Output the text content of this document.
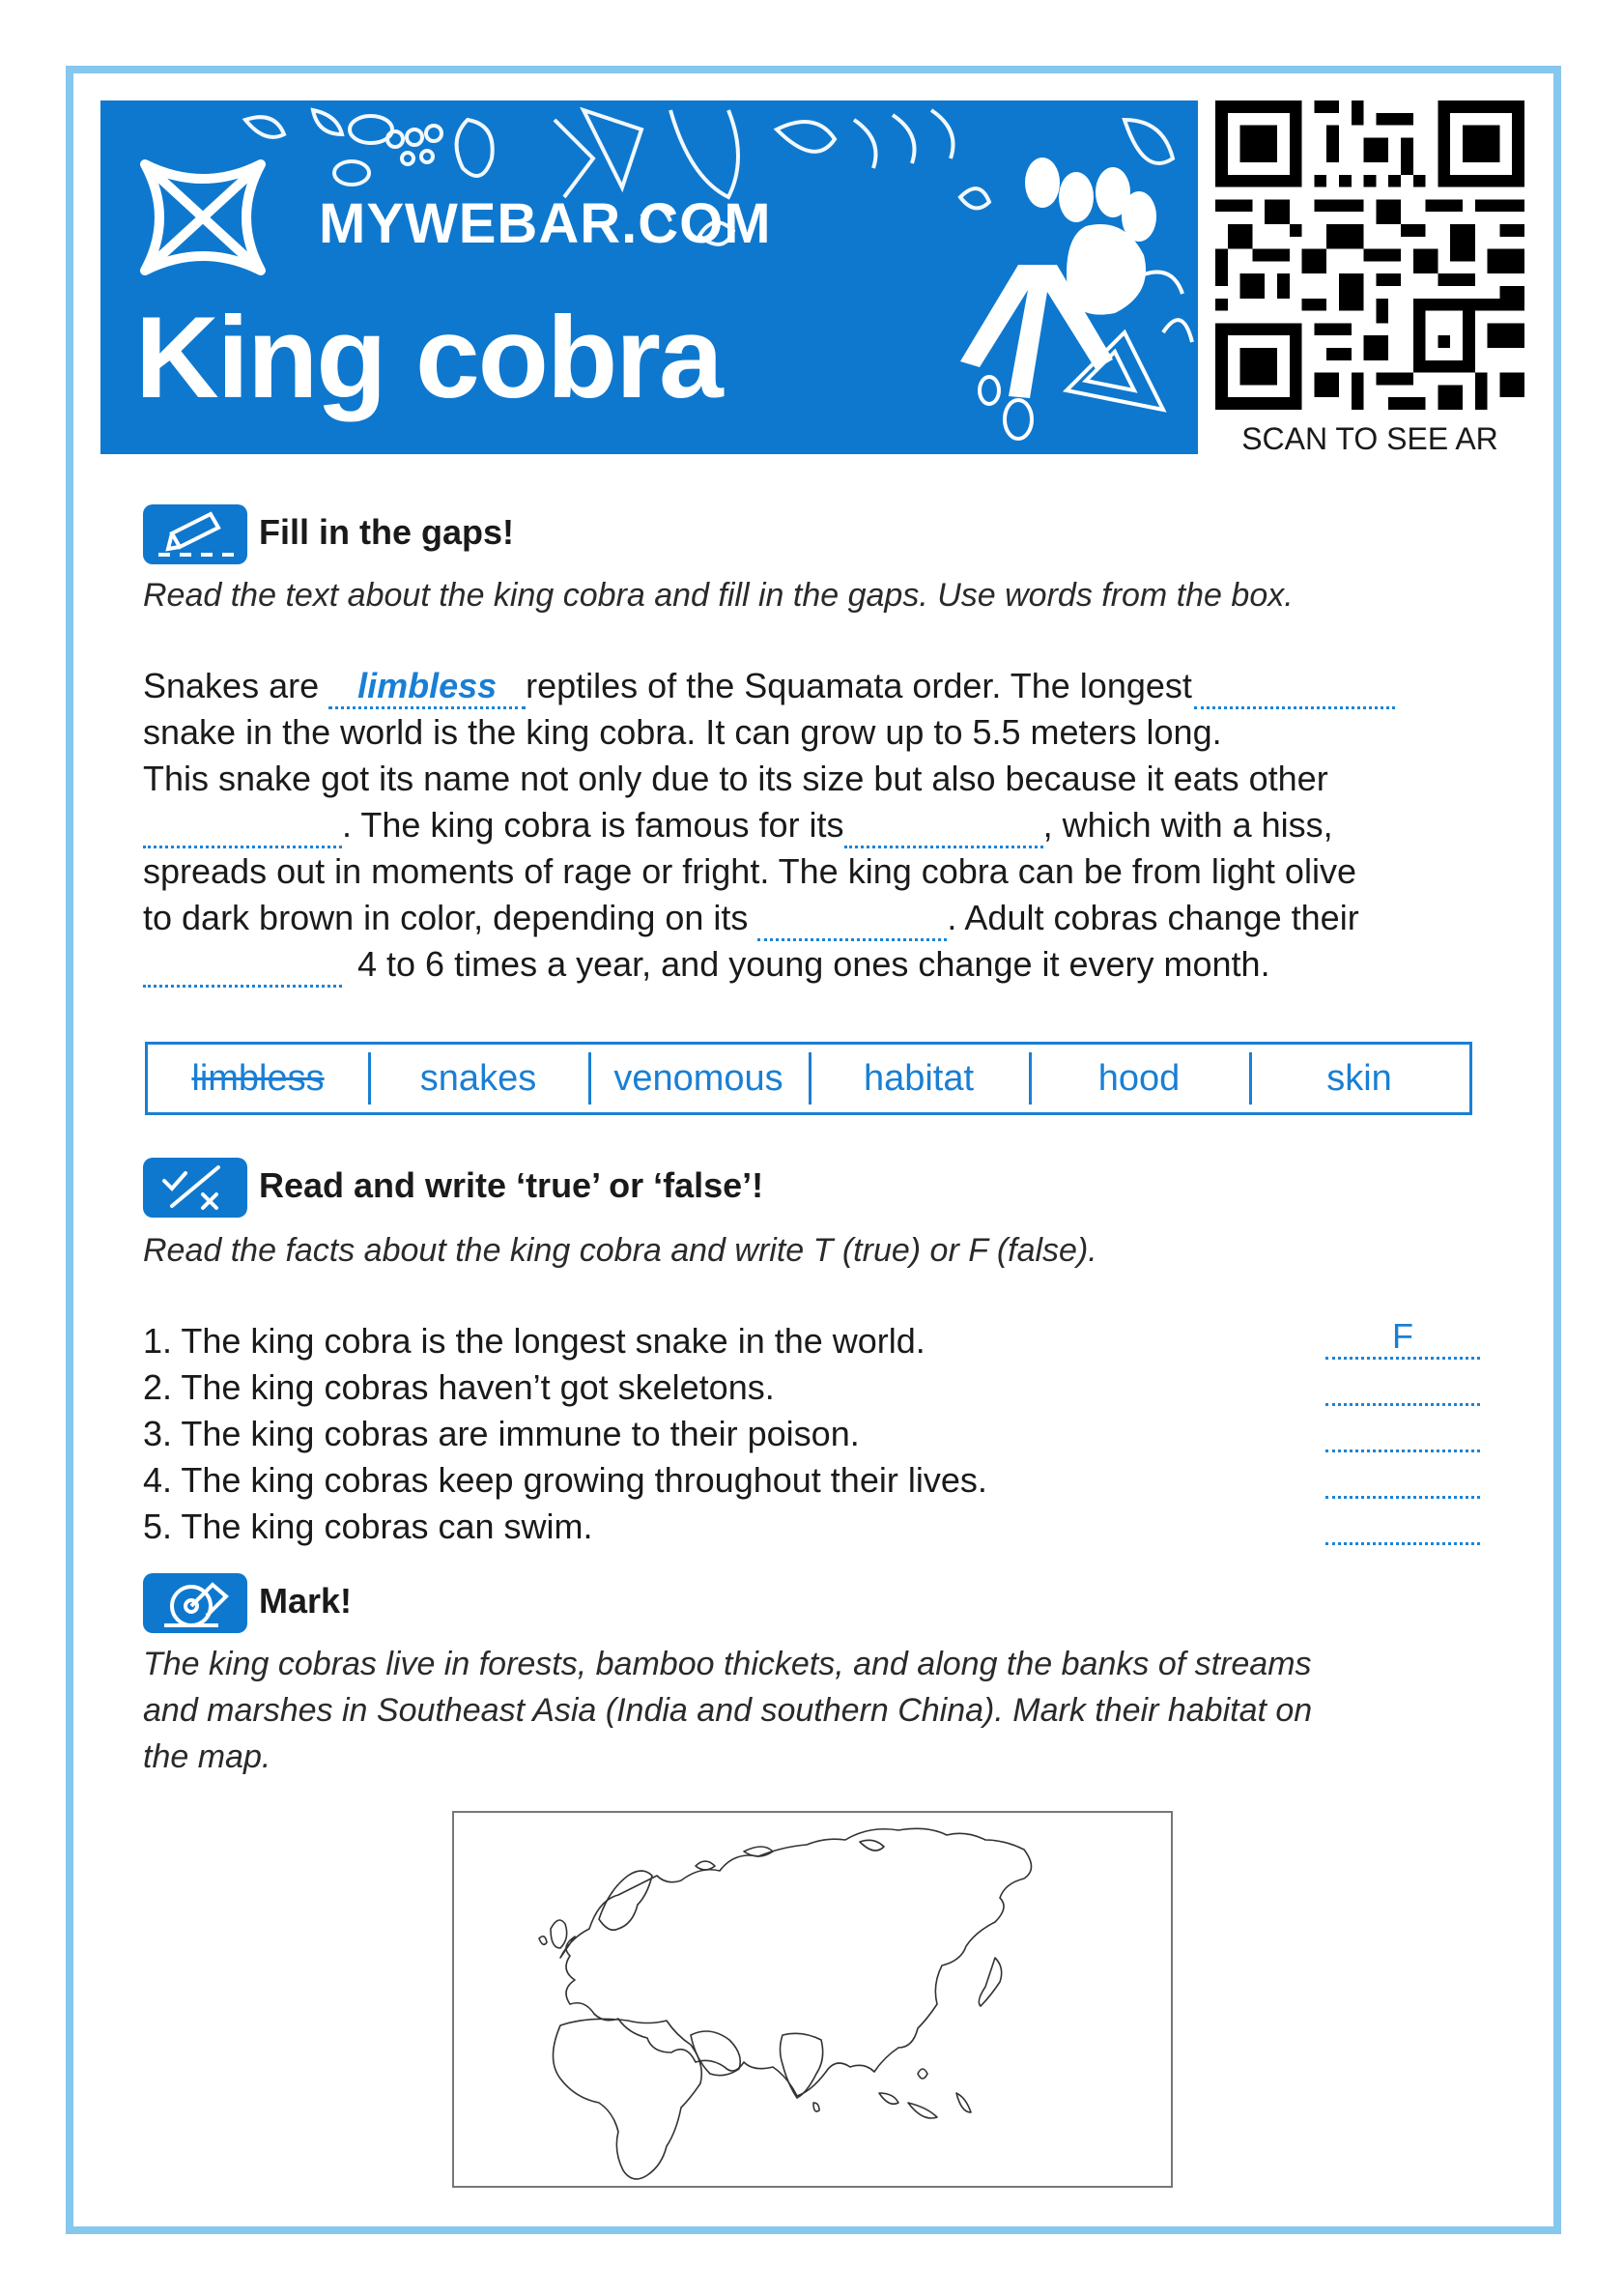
MYWEBAR.COM
King cobra
SCAN TO SEE AR
Fill in the gaps!
Read the text about the king cobra and fill in the gaps. Use words from the box.
Snakes are limbless reptiles of the Squamata order. The longest
snake in the world is the king cobra. It can grow up to 5.5 meters long.
This snake got its name not only due to its size but also because it eats other
. The king cobra is famous for its	, which with a hiss,
spreads out in moments of rage or fright. The king cobra can be from light olive
to dark brown in color, depending on its	. Adult cobras change their
4 to 6 times a year, and young ones change it every month.
limbless	snakes	venomous	habitat	hood	skin
Read and write ‘true’ or ‘false’!
Read the facts about the king cobra and write T (true) or F (false).
1. The king cobra is the longest snake in the world.	F
2. The king cobras haven’t got skeletons.
3. The king cobras are immune to their poison.
4. The king cobras keep growing throughout their lives.
5. The king cobras can swim.
Mark!
The king cobras live in forests, bamboo thickets, and along the banks of streams
and marshes in Southeast Asia (India and southern China). Mark their habitat on
the map.
